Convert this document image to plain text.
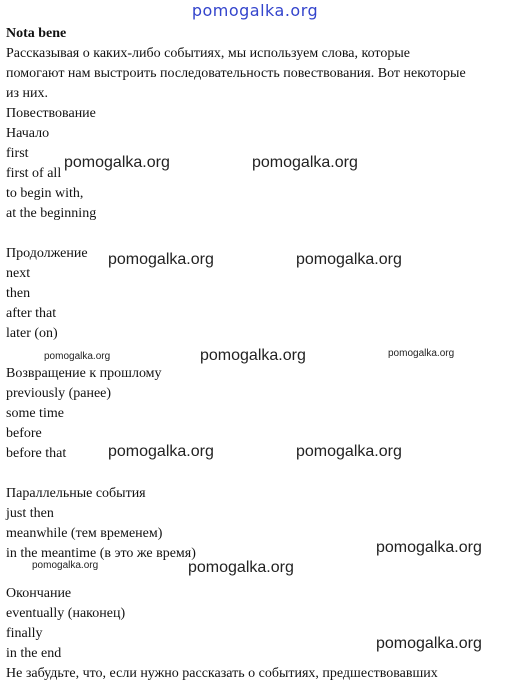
pomogalka.org
Nota bene
Рассказывая о каких-либо событиях, мы используем слова, которые
помогают нам выстроить последовательность повествования. Вот некоторые
из них.
Повествование
Начало
first
first of all
to begin with,
at the beginning
Продолжение
next
then
after that
later (on)
Возвращение к прошлому
previously (ранее)
some time
before
before that
Параллельные события
just then
meanwhile (тем временем)
in the meantime (в это же время)
Окончание
eventually (наконец)
finally
in the end
Не забудьте, что, если нужно рассказать о событиях, предшествовавших
pomogalka.org	pomogalka.org
pomogalka.org	pomogalka.org
pomogalka.org	pomogalka.org	pomogalka.org
pomogalka.org	pomogalka.org
pomogalka.org
pomogalka.org	pomogalka.org
pomogalka.org
